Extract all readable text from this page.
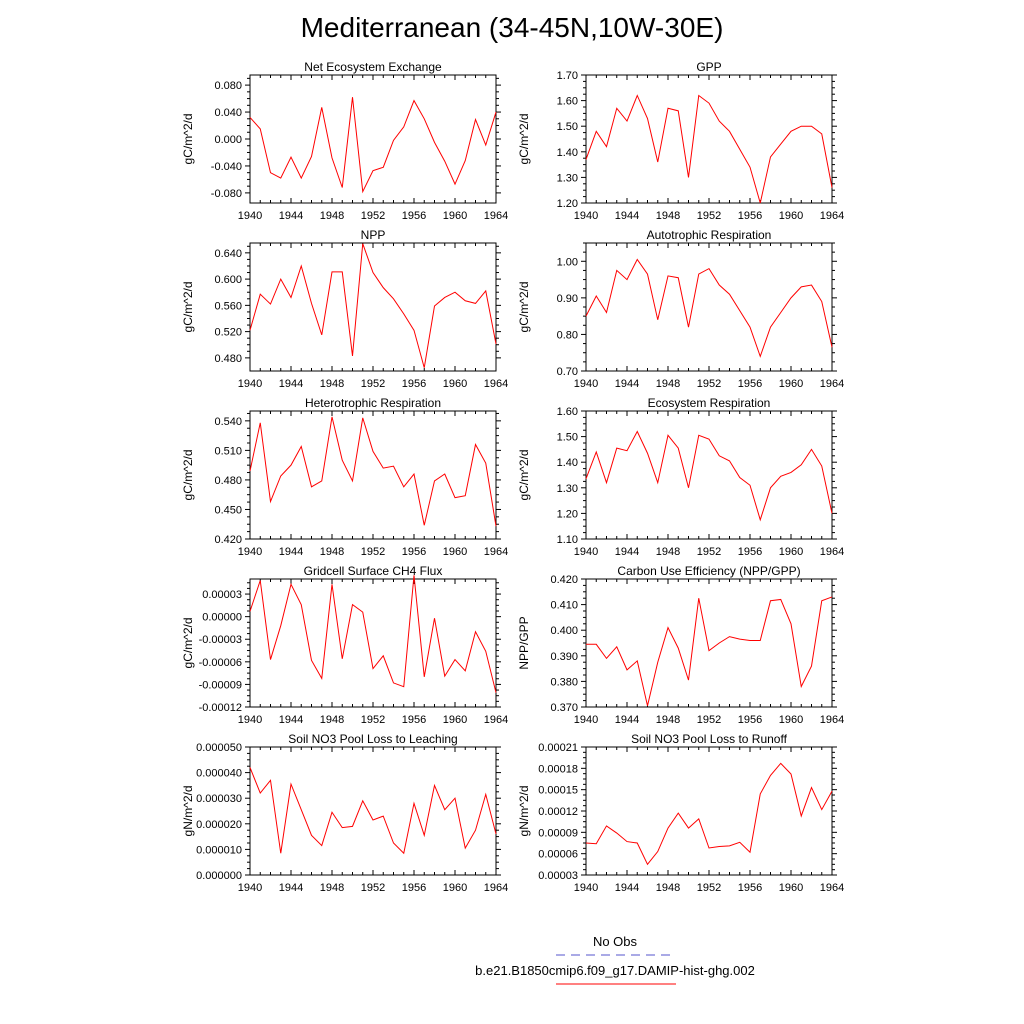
Mediterranean (34-45N,10W-30E)
Net Ecosystem Exchange
gC/m^2/d
1940 1944 1948 1952 1956 1960 1964
-0.080
-0.040
0.000
0.040
0.080
GPP
gC/m^2/d
1940 1944 1948 1952 1956 1960 1964
1.20
1.30
1.40
1.50
1.60
1.70
NPP
gC/m^2/d
1940 1944 1948 1952 1956 1960 1964
0.480
0.520
0.560
0.600
0.640
Autotrophic Respiration
gC/m^2/d
1940 1944 1948 1952 1956 1960 1964
0.70
0.80
0.90
1.00
Heterotrophic Respiration
gC/m^2/d
1940 1944 1948 1952 1956 1960 1964
0.420
0.450
0.480
0.510
0.540
Ecosystem Respiration
gC/m^2/d
1940 1944 1948 1952 1956 1960 1964
1.10
1.20
1.30
1.40
1.50
1.60
Gridcell Surface CH4 Flux
gC/m^2/d
1940 1944 1948 1952 1956 1960 1964
-0.00012
-0.00009
-0.00006
-0.00003
0.00000
0.00003
Carbon Use Efficiency (NPP/GPP)
NPP/GPP
1940 1944 1948 1952 1956 1960 1964
0.370
0.380
0.390
0.400
0.410
0.420
Soil NO3 Pool Loss to Leaching
gN/m^2/d
1940 1944 1948 1952 1956 1960 1964
0.000000
0.000010
0.000020
0.000030
0.000040
0.000050
Soil NO3 Pool Loss to Runoff
gN/m^2/d
1940 1944 1948 1952 1956 1960 1964
0.00003
0.00006
0.00009
0.00012
0.00015
0.00018
0.00021
No Obs
b.e21.B1850cmip6.f09_g17.DAMIP-hist-ghg.002
